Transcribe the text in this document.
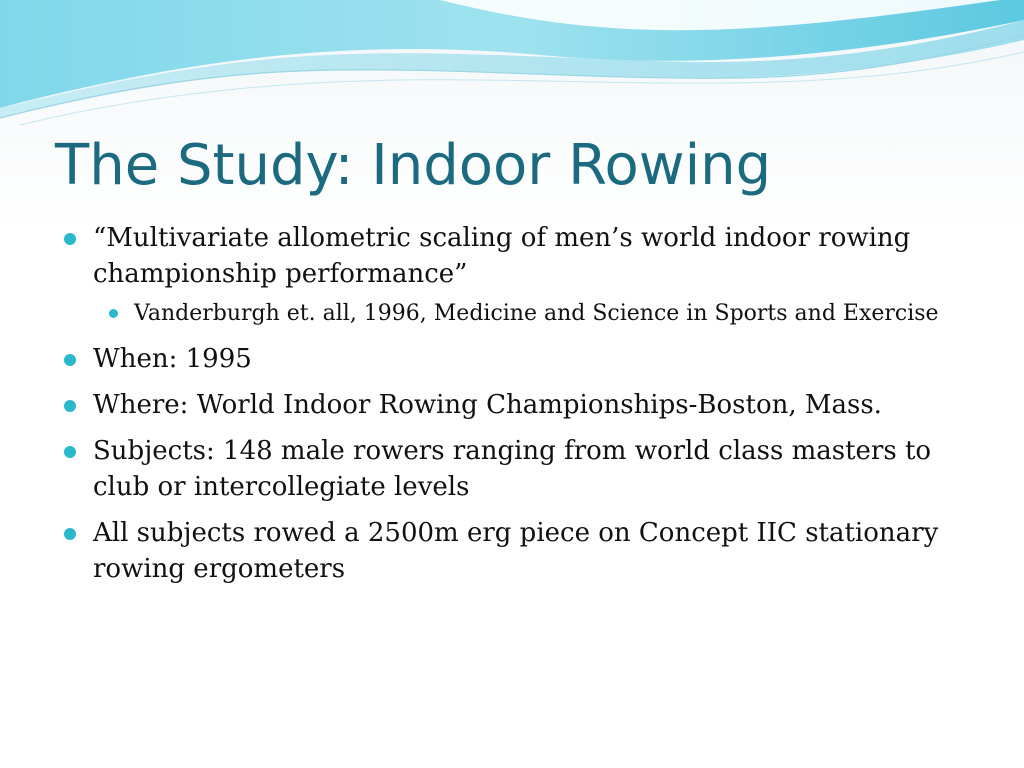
The Study: Indoor Rowing
“Multivariate allometric scaling of men’s world indoor rowing championship performance”
Vanderburgh et. all, 1996, Medicine and Science in Sports and Exercise
When: 1995
Where: World Indoor Rowing Championships-Boston, Mass.
Subjects: 148 male rowers ranging from world class masters to club or intercollegiate levels
All subjects rowed a 2500m erg piece on Concept IIC stationary rowing ergometers
